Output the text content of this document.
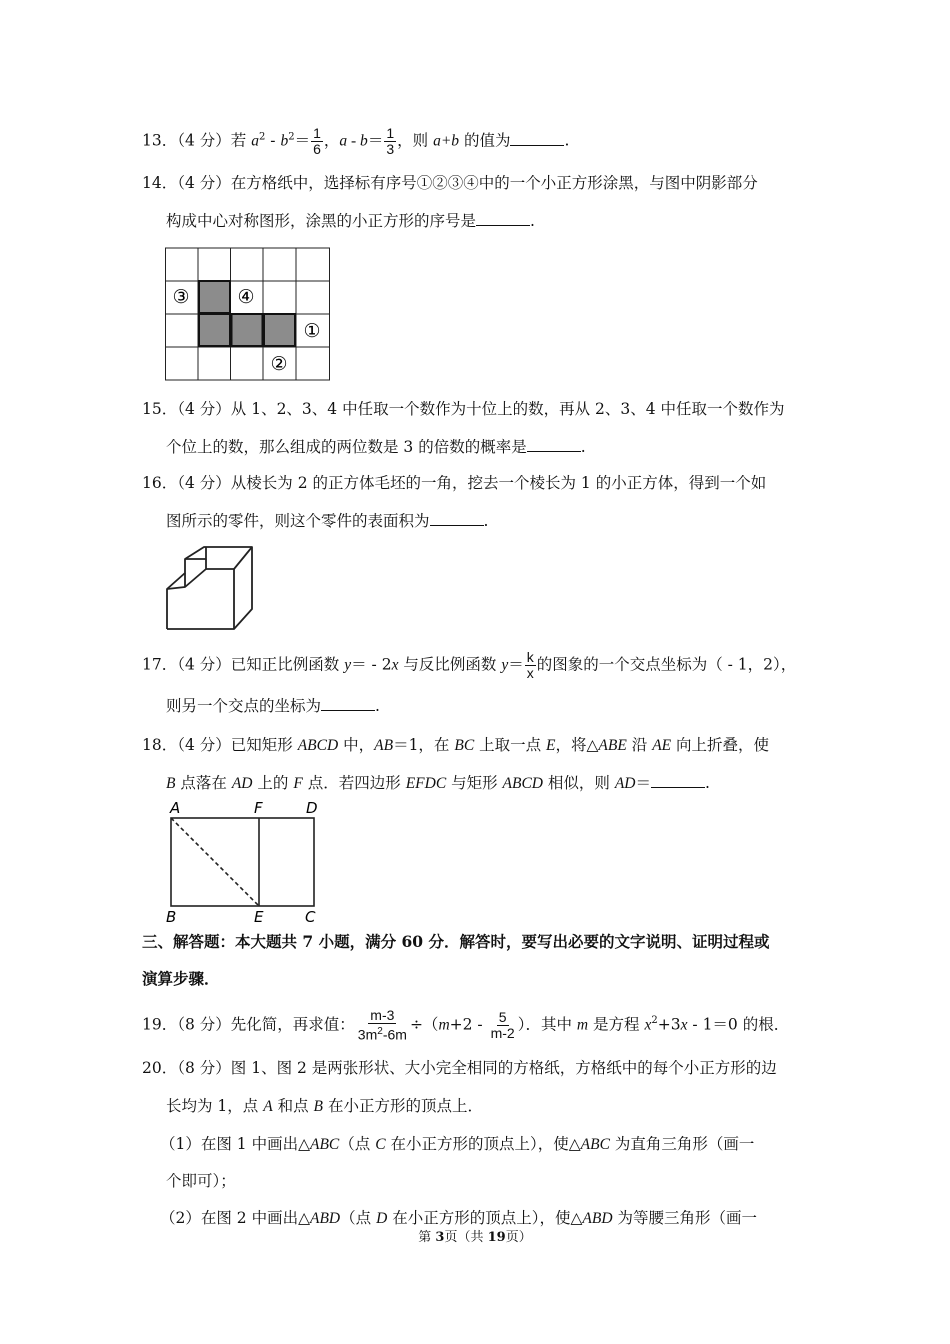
13．（4 分）若 $a^2 - b^2= \frac{1}{6}$ ，$a - b= \frac{1}{3}$ ，则 a+b 的值为	.
14．（4 分）在方格纸中，选择标有序号①②③④中的一个小正方形涂黑，与图中阴影部分
构成中心对称图形，涂黑的小正方形的序号是	.
③	④
①
②
15．（4 分）从 1、2、3、4 中任取一个数作为十位上的数，再从 2、3、4 中任取一个数作为
个位上的数，那么组成的两位数是 3 的倍数的概率是	.
16．（4 分）从棱长为 2 的正方体毛坯的一角，挖去一个棱长为 1 的小正方体，得到一个如
图所示的零件，则这个零件的表面积为	.
17．（4 分）已知正比例函数 y＝ - 2x 与反比例函数 $y= \frac{k}{x}$ 的图象的一个交点坐标为（ - 1，2），
则另一个交点的坐标为	.
18．（4 分）已知矩形 ABCD 中，AB＝1，在 BC 上取一点 E，将△ABE 沿 AE 向上折叠，使
B 点落在 AD 上的 F 点．若四边形 EFDC 与矩形 ABCD 相似，则 AD＝	.
A	F	D
B	E	C
三、解答题：本大题共 7 小题，满分 60 分．解答时，要写出必要的文字说明、证明过程或
演算步骤．
19．（8 分）先化简，再求值： $\frac{m-3}{3m^2-6m} \div(m+2 - \frac{5}{m-2}$ ）．其中 m 是方程 $x^2+3x - 1=0$ 的根．
20．（8 分）图 1、图 2 是两张形状、大小完全相同的方格纸，方格纸中的每个小正方形的边
长均为 1，点 A 和点 B 在小正方形的顶点上．
（1）在图 1 中画出△ABC（点 C 在小正方形的顶点上），使△ABC 为直角三角形（画一
个即可）；
（2）在图 2 中画出△ABD（点 D 在小正方形的顶点上），使△ABD 为等腰三角形（画一
第 3页（共 19页）
